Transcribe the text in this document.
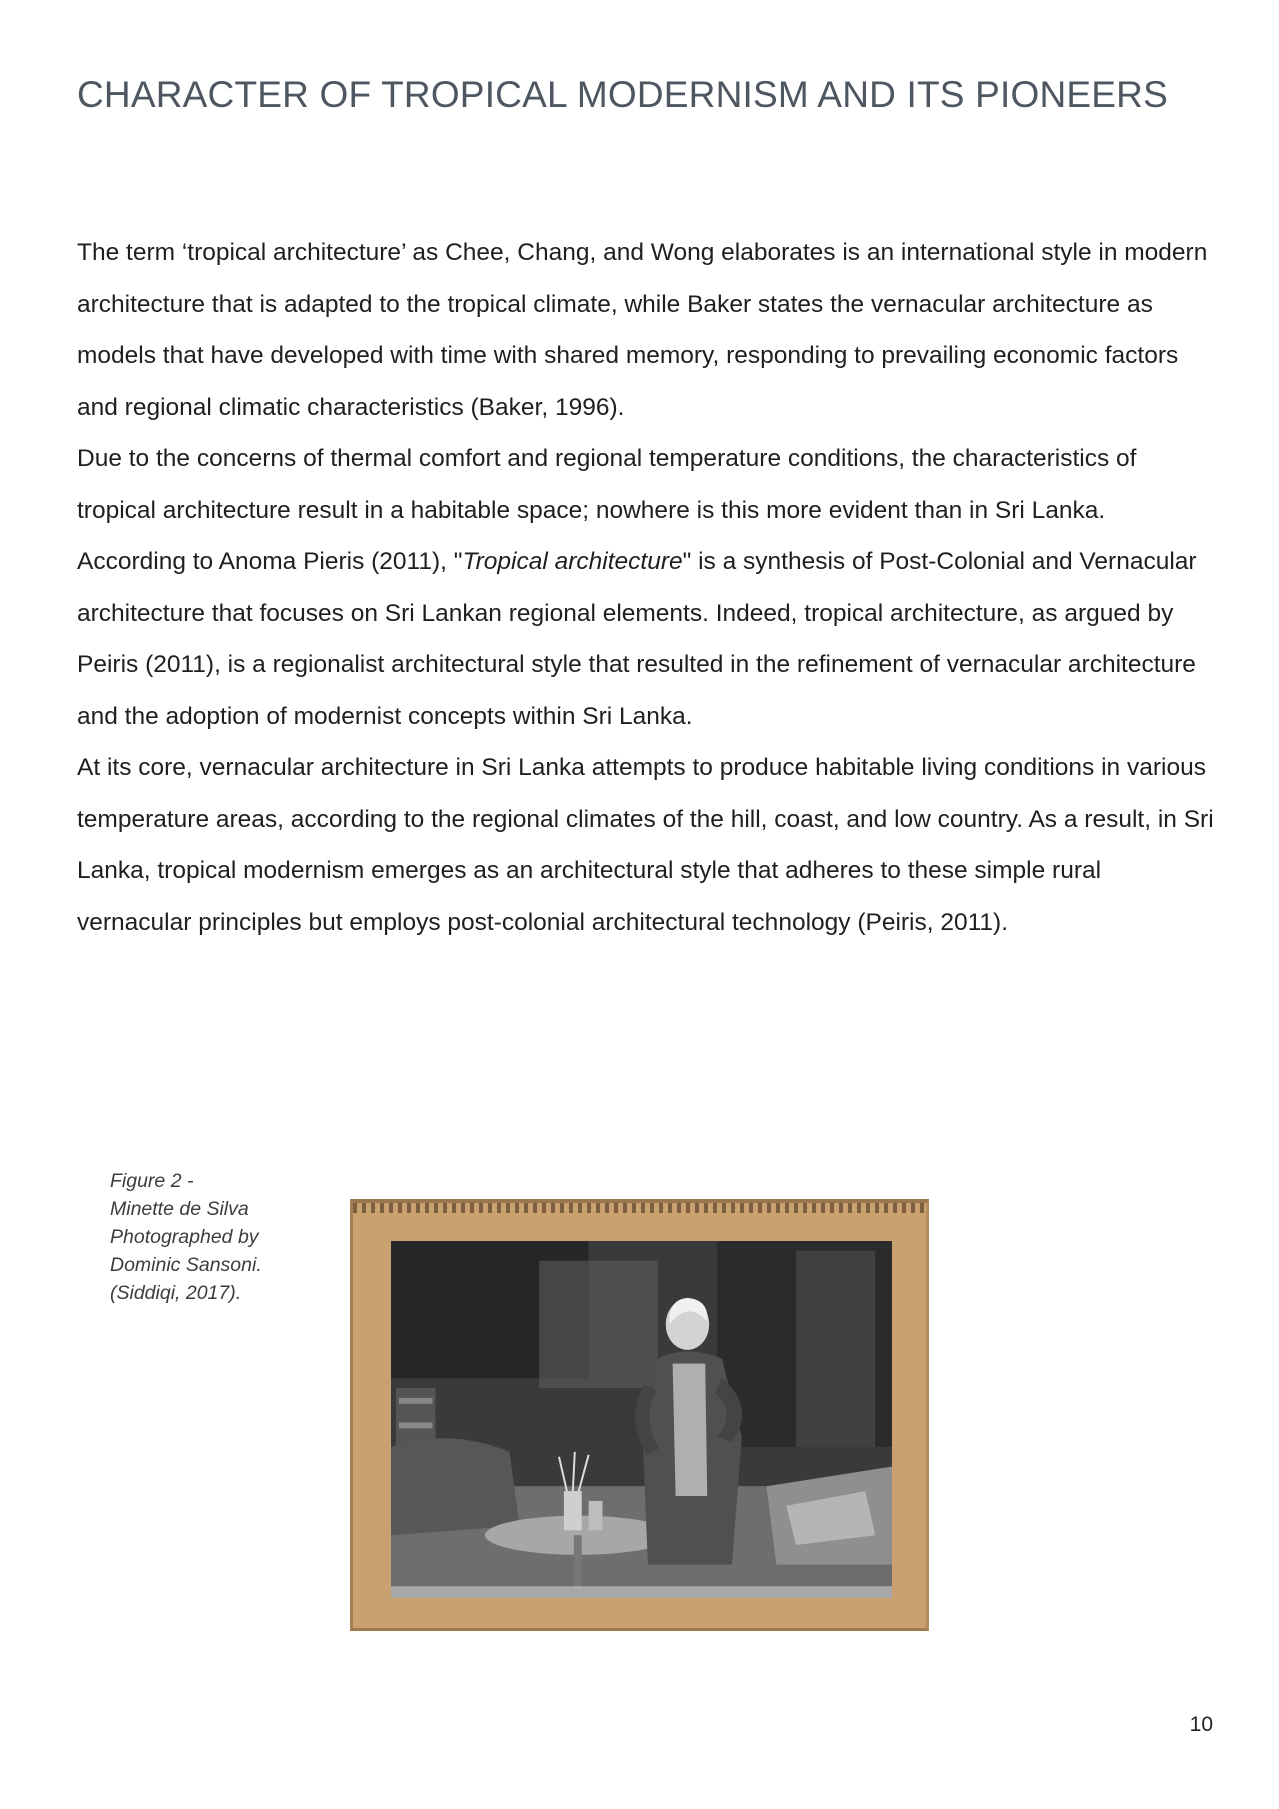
CHARACTER OF TROPICAL MODERNISM AND ITS PIONEERS

The term ‘tropical architecture’ as Chee, Chang, and Wong elaborates is an international style in modern architecture that is adapted to the tropical climate, while Baker states the vernacular architecture as models that have developed with time with shared memory, responding to prevailing economic factors and regional climatic characteristics (Baker, 1996).

Due to the concerns of thermal comfort and regional temperature conditions, the characteristics of tropical architecture result in a habitable space; nowhere is this more evident than in Sri Lanka. According to Anoma Pieris (2011), "Tropical architecture" is a synthesis of Post-Colonial and Vernacular architecture that focuses on Sri Lankan regional elements. Indeed, tropical architecture, as argued by Peiris (2011), is a regionalist architectural style that resulted in the refinement of vernacular architecture and the adoption of modernist concepts within Sri Lanka.

At its core, vernacular architecture in Sri Lanka attempts to produce habitable living conditions in various temperature areas, according to the regional climates of the hill, coast, and low country. As a result, in Sri Lanka, tropical modernism emerges as an architectural style that adheres to these simple rural vernacular principles but employs post-colonial architectural technology (Peiris, 2011).

Figure 2 -
Minette de Silva
Photographed by
Dominic Sansoni.
(Siddiqi, 2017).
10
